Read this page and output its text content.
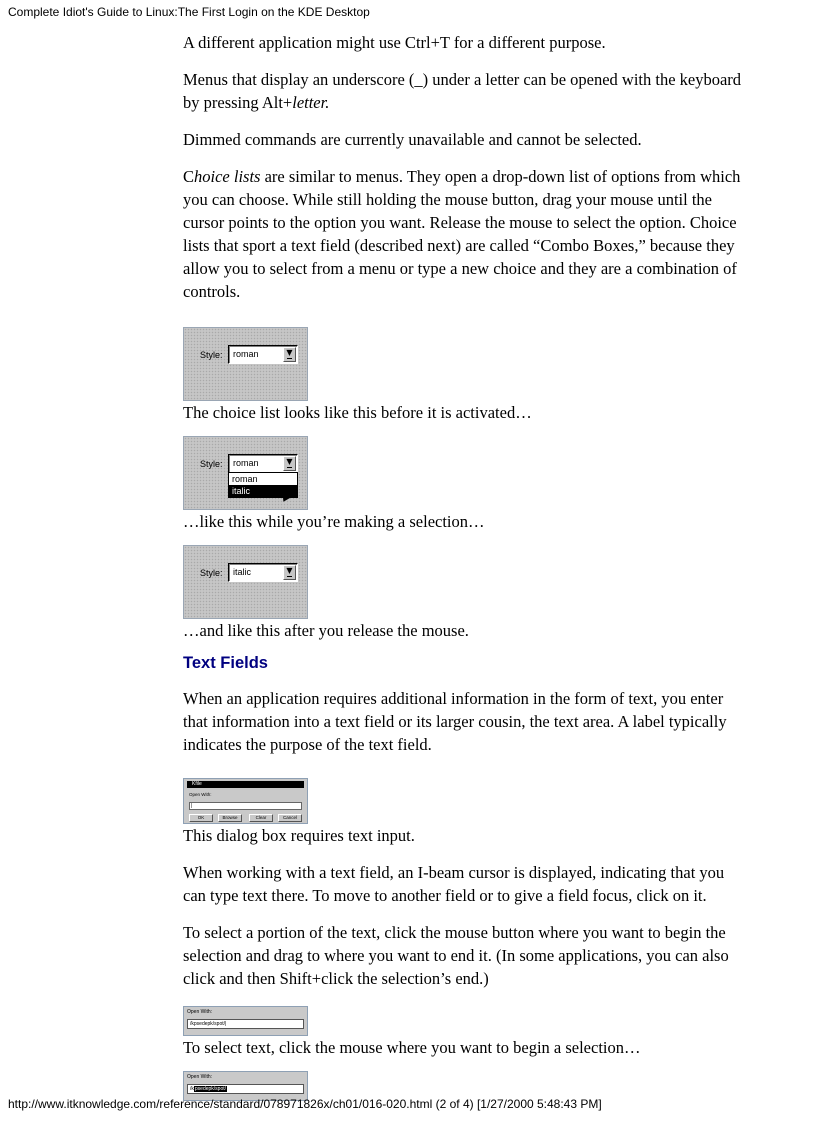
Complete Idiot's Guide to Linux:The First Login on the KDE Desktop

A different application might use Ctrl+T for a different purpose.

Menus that display an underscore (_) under a letter can be opened with the keyboard by pressing Alt+letter.

Dimmed commands are currently unavailable and cannot be selected.

Choice lists are similar to menus. They open a drop-down list of options from which you can choose. While still holding the mouse button, drag your mouse until the cursor points to the option you want. Release the mouse to select the option. Choice lists that sport a text field (described next) are called “Combo Boxes,” because they allow you to select from a menu or type a new choice and they are a combination of controls.

Style: roman	▼
The choice list looks like this before it is activated…
Style: roman	▼
roman
italic
…like this while you’re making a selection…
Style: italic	▼
…and like this after you release the mouse.
Text Fields

When an application requires additional information in the form of text, you enter that information into a text field or its larger cousin, the text area. A label typically indicates the purpose of the text field.

Kfile
Open With:
|
OK	Browse	Clear	Cancel
This dialog box requires text input.

When working with a text field, an I-beam cursor is displayed, indicating that you can type text there. To move to another field or to give a field focus, click on it.

To select a portion of the text, click the mouse button where you want to begin the selection and drag to where you want to end it. (In some applications, you can also click and then Shift+click the selection’s end.)

Open With:
/kpsedepk/spot/|
To select text, click the mouse where you want to begin a selection…
Open With:
/kpsedepk/spot/
http://www.itknowledge.com/reference/standard/078971826x/ch01/016-020.html (2 of 4) [1/27/2000 5:48:43 PM]
